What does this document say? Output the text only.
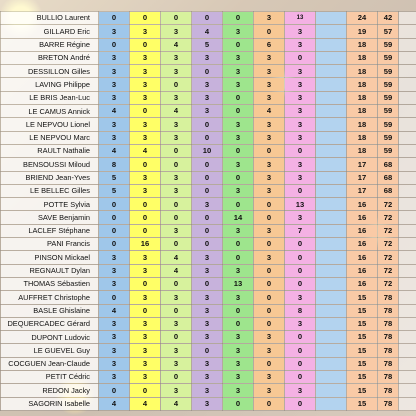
BULLIO Laurent	0	0	0	0	0	3	13		24	42	
GILLARD Eric	3	3	3	4	3	0	3		19	57	
BARRE Régine	0	0	4	5	0	6	3		18	59	
BRETON André	3	3	3	3	3	3	0		18	59	
DESSILLON Gilles	3	3	3	0	3	3	3		18	59	
LAVING Philippe	3	3	0	3	3	3	3		18	59	
LE BRIS Jean-Luc	3	3	3	3	0	3	3		18	59	
LE CAMUS Annick	4	0	4	3	0	4	3		18	59	
LE NEPVOU Lionel	3	3	3	0	3	3	3		18	59	
LE NEPVOU Marc	3	3	3	0	3	3	3		18	59	
RAULT Nathalie	4	4	0	10	0	0	0		18	59	
BENSOUSSI Miloud	8	0	0	0	3	3	3		17	68	
BRIEND Jean-Yves	5	3	3	0	0	3	3		17	68	
LE BELLEC Gilles	5	3	3	0	3	3	0		17	68	
POTTE Sylvia	0	0	0	3	0	0	13		16	72	
SAVE Benjamin	0	0	0	0	14	0	3		16	72	
LACLEF Stéphane	0	0	3	0	3	3	7		16	72	
PANI Francis	0	16	0	0	0	0	0		16	72	
PINSON Mickael	3	3	4	3	0	3	0		16	72	
REGNAULT Dylan	3	3	4	3	3	0	0		16	72	
THOMAS Sébastien	3	0	0	0	13	0	0		16	72	
AUFFRET Christophe	0	3	3	3	3	0	3		15	78	
BASLE Ghislaine	4	0	0	3	0	0	8		15	78	
DEQUERCADEC Gérard	3	3	3	3	0	0	3		15	78	
DUPONT Ludovic	3	3	0	3	3	3	0		15	78	
LE GUEVEL Guy	3	3	3	0	3	3	0		15	78	
COCGUEN Jean-Claude	3	3	3	3	3	0	0		15	78	
PETIT Cédric	3	3	0	3	3	3	0		15	78	
REDON Jacky	0	0	3	3	3	3	3		15	78	
SAGORIN Isabelle	4	4	4	3	0	0	0		15	78	
